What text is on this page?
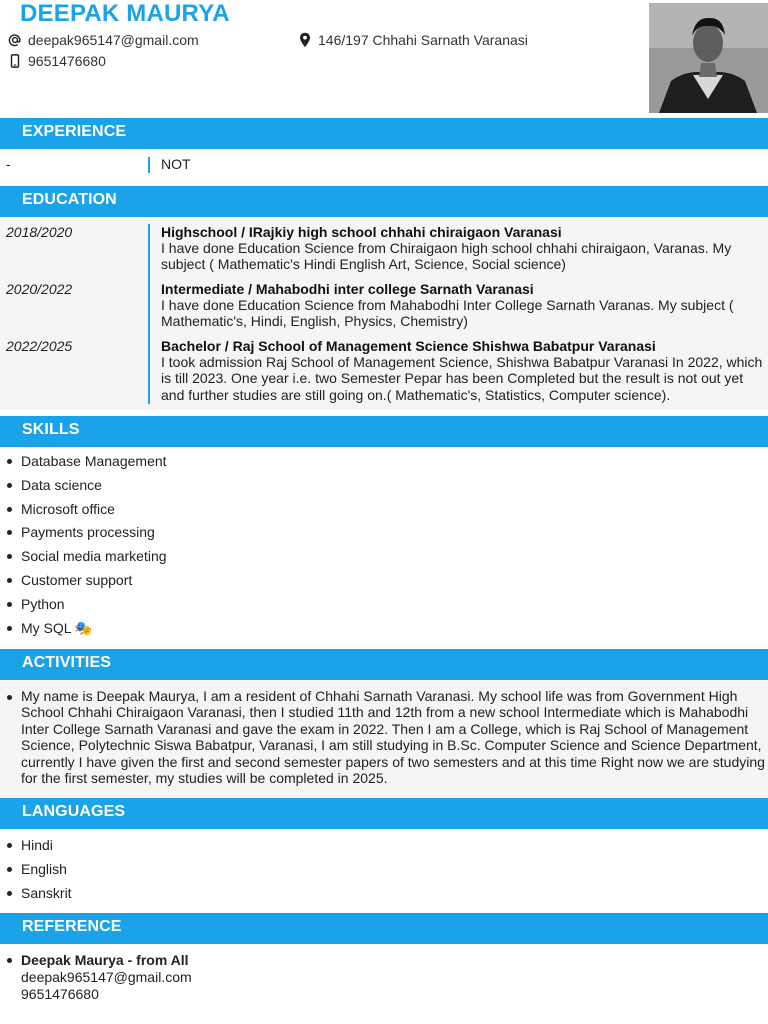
DEEPAK MAURYA
deepak965147@gmail.com
9651476680
146/197 Chhahi Sarnath Varanasi
EXPERIENCE
-	NOT
EDUCATION
2018/2020	Highschool / IRajkiy high school chhahi chiraigaon Varanasi
I have done Education Science from Chiraigaon high school chhahi chiraigaon, Varanas. My subject ( Mathematic's Hindi English Art, Science, Social science)
2020/2022	Intermediate / Mahabodhi inter college Sarnath Varanasi
I have done Education Science from Mahabodhi Inter College Sarnath Varanas. My subject ( Mathematic's, Hindi, English, Physics, Chemistry)
2022/2025	Bachelor / Raj School of Management Science Shishwa Babatpur Varanasi
I took admission Raj School of Management Science, Shishwa Babatpur Varanasi In 2022, which is till 2023. One year i.e. two Semester Pepar has been Completed but the result is not out yet and further studies are still going on.( Mathematic's, Statistics, Computer science).
SKILLS
Database Management
Data science
Microsoft office
Payments processing
Social media marketing
Customer support
Python
My SQL 🎭
ACTIVITIES

My name is Deepak Maurya, I am a resident of Chhahi Sarnath Varanasi. My school life was from Government High School Chhahi Chiraigaon Varanasi, then I studied 11th and 12th from a new school Intermediate which is Mahabodhi Inter College Sarnath Varanasi and gave the exam in 2022. Then I am a College, which is Raj School of Management Science, Polytechnic Siswa Babatpur, Varanasi, I am still studying in B.Sc. Computer Science and Science Department, currently I have given the first and second semester papers of two semesters and at this time Right now we are studying for the first semester, my studies will be completed in 2025.

LANGUAGES
Hindi
English
Sanskrit
REFERENCE
Deepak Maurya - from All
deepak965147@gmail.com
9651476680
